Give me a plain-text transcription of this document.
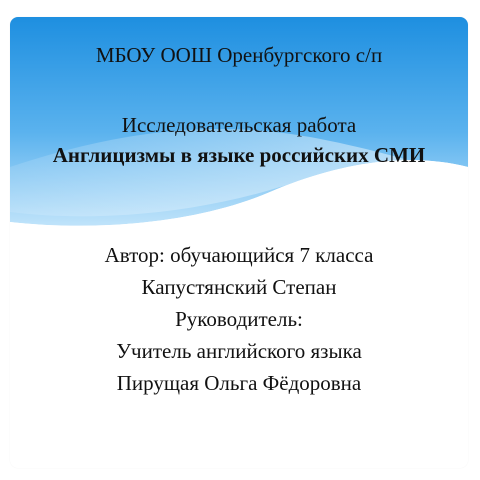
МБОУ ООШ Оренбургского с/п
Исследовательская работа
Англицизмы в языке российских СМИ
Автор: обучающийся 7 класса
Капустянский Степан
Руководитель:
Учитель английского языка
Пирущая Ольга Фёдоровна
